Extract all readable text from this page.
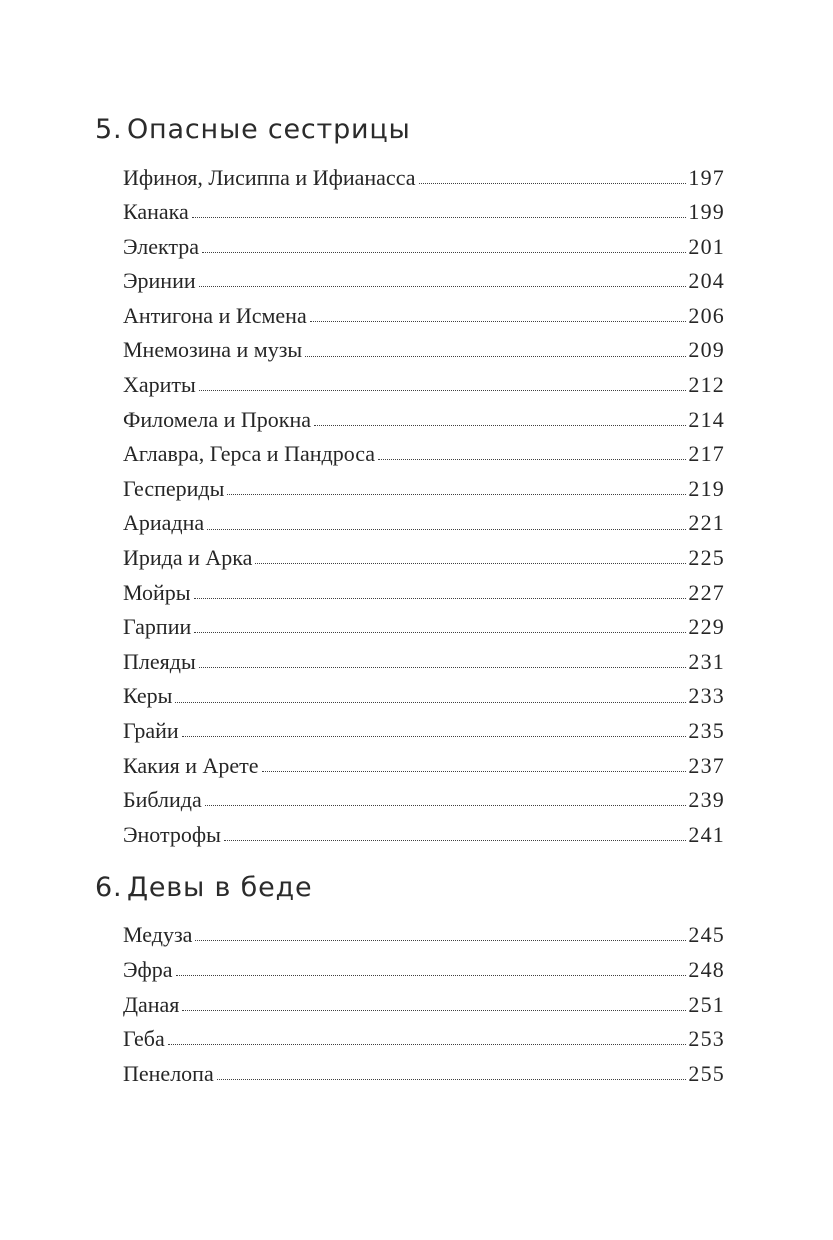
5. Опасные сестрицы
Ифиноя, Лисиппа и Ифианасса	197
Канака	199
Электра	201
Эринии	204
Антигона и Исмена	206
Мнемозина и музы	209
Хариты	212
Филомела и Прокна	214
Аглавра, Герса и Пандроса	217
Геспериды	219
Ариадна	221
Ирида и Арка	225
Мойры	227
Гарпии	229
Плеяды	231
Керы	233
Грайи	235
Какия и Арете	237
Библида	239
Энотрофы	241
6. Девы в беде
Медуза	245
Эфра	248
Даная	251
Геба	253
Пенелопа	255
